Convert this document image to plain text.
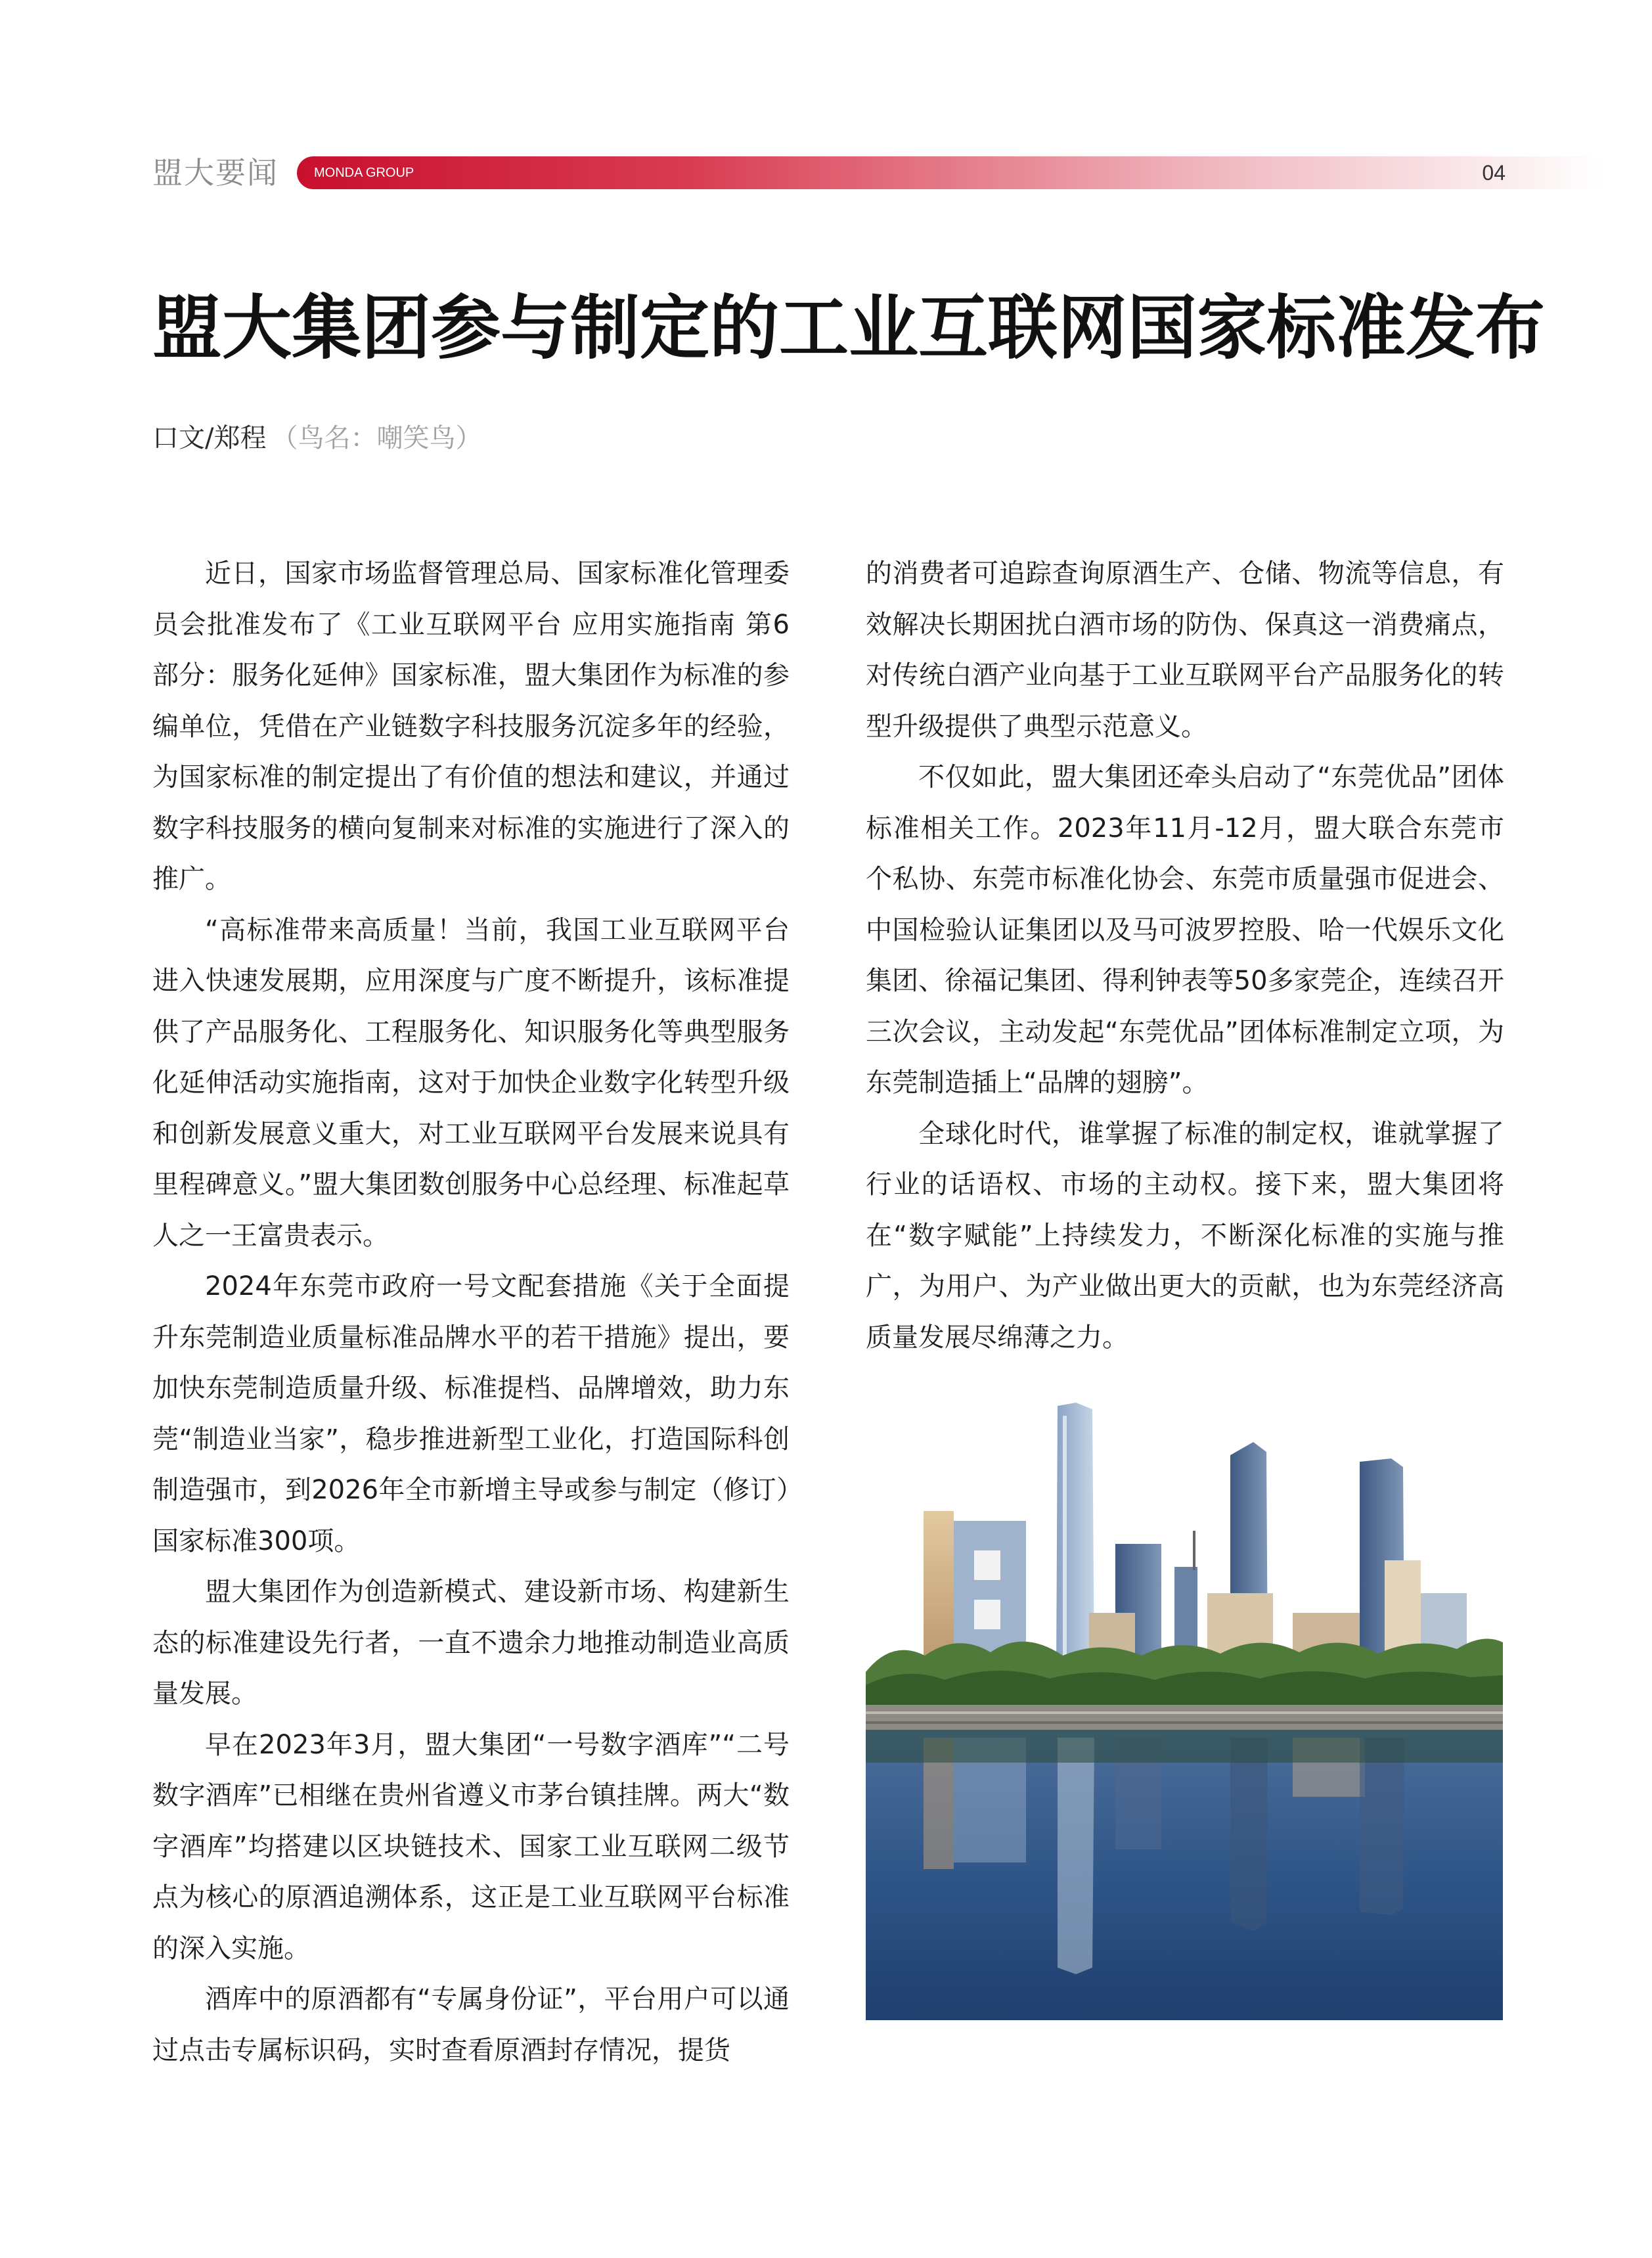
盟大要闻	MONDA GROUP	04
盟大集团参与制定的工业互联网国家标准发布
口文/郑程 （鸟名：嘲笑鸟）

近日，国家市场监督管理总局、国家标准化管理委员会批准发布了《工业互联网平台 应用实施指南 第6部分：服务化延伸》国家标准，盟大集团作为标准的参编单位，凭借在产业链数字科技服务沉淀多年的经验，为国家标准的制定提出了有价值的想法和建议，并通过数字科技服务的横向复制来对标准的实施进行了深入的推广。

“高标准带来高质量！当前，我国工业互联网平台进入快速发展期，应用深度与广度不断提升，该标准提供了产品服务化、工程服务化、知识服务化等典型服务化延伸活动实施指南，这对于加快企业数字化转型升级和创新发展意义重大，对工业互联网平台发展来说具有里程碑意义。”盟大集团数创服务中心总经理、标准起草人之一王富贵表示。

2024年东莞市政府一号文配套措施《关于全面提升东莞制造业质量标准品牌水平的若干措施》提出，要加快东莞制造质量升级、标准提档、品牌增效，助力东莞“制造业当家”，稳步推进新型工业化，打造国际科创制造强市，到2026年全市新增主导或参与制定（修订）国家标准300项。

盟大集团作为创造新模式、建设新市场、构建新生态的标准建设先行者，一直不遗余力地推动制造业高质量发展。

早在2023年3月，盟大集团“一号数字酒库”“二号数字酒库”已相继在贵州省遵义市茅台镇挂牌。两大“数字酒库”均搭建以区块链技术、国家工业互联网二级节点为核心的原酒追溯体系，这正是工业互联网平台标准的深入实施。

酒库中的原酒都有“专属身份证”，平台用户可以通过点击专属标识码，实时查看原酒封存情况，提货

的消费者可追踪查询原酒生产、仓储、物流等信息，有效解决长期困扰白酒市场的防伪、保真这一消费痛点，对传统白酒产业向基于工业互联网平台产品服务化的转型升级提供了典型示范意义。

不仅如此，盟大集团还牵头启动了“东莞优品”团体标准相关工作。2023年11月-12月，盟大联合东莞市个私协、东莞市标准化协会、东莞市质量强市促进会、中国检验认证集团以及马可波罗控股、哈一代娱乐文化集团、徐福记集团、得利钟表等50多家莞企，连续召开三次会议，主动发起“东莞优品”团体标准制定立项，为东莞制造插上“品牌的翅膀”。

全球化时代，谁掌握了标准的制定权，谁就掌握了行业的话语权、市场的主动权。接下来，盟大集团将在“数字赋能”上持续发力，不断深化标准的实施与推广，为用户、为产业做出更大的贡献，也为东莞经济高质量发展尽绵薄之力。
